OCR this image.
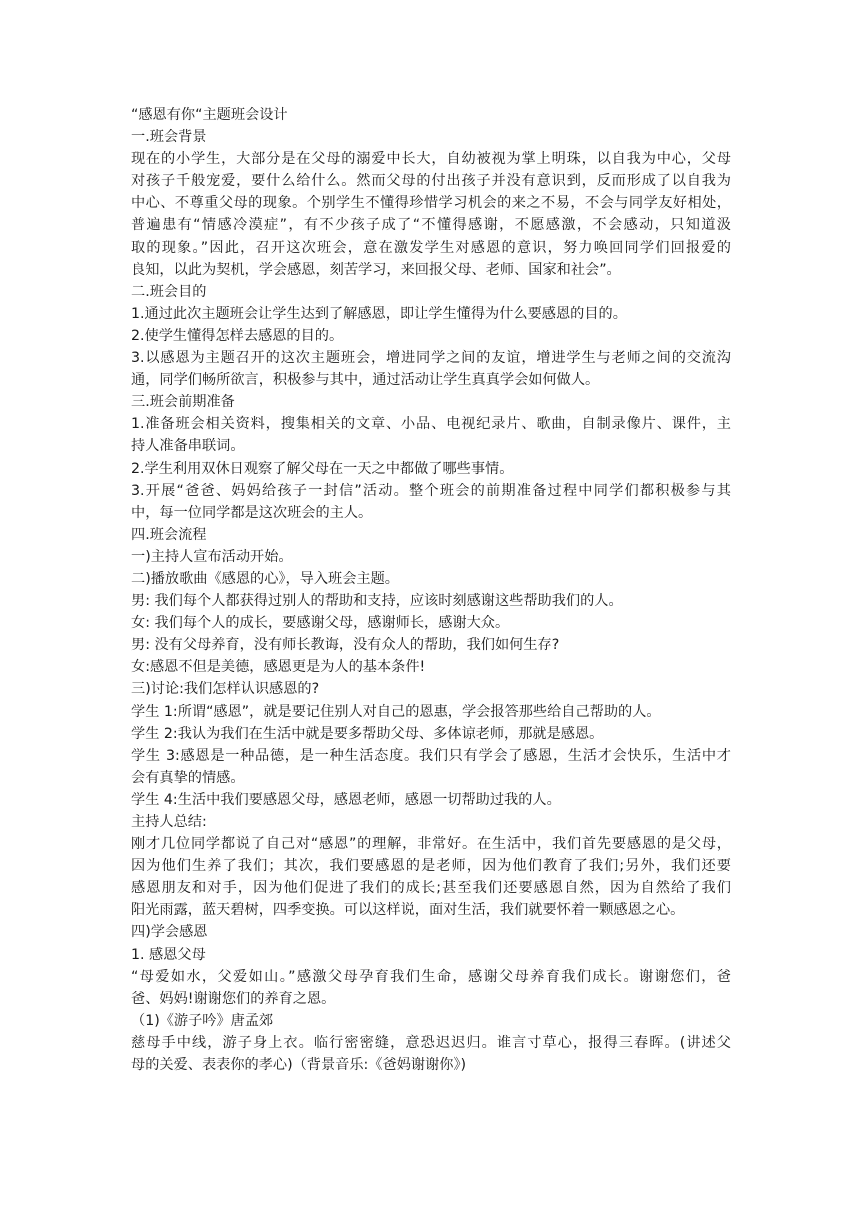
“感恩有你“主题班会设计
一.班会背景
现在的小学生，大部分是在父母的溺爱中长大，自幼被视为掌上明珠，以自我为中心，父母
对孩子千般宠爱，要什么给什么。然而父母的付出孩子并没有意识到，反而形成了以自我为
中心、不尊重父母的现象。个别学生不懂得珍惜学习机会的来之不易，不会与同学友好相处，
普遍患有“情感冷漠症”，有不少孩子成了“不懂得感谢，不愿感激，不会感动，只知道汲
取的现象。”因此，召开这次班会，意在激发学生对感恩的意识，努力唤回同学们回报爱的
良知，以此为契机，学会感恩，刻苦学习，来回报父母、老师、国家和社会”。
二.班会目的
1.通过此次主题班会让学生达到了解感恩，即让学生懂得为什么要感恩的目的。
2.使学生懂得怎样去感恩的目的。
3.以感恩为主题召开的这次主题班会，增进同学之间的友谊，增进学生与老师之间的交流沟
通，同学们畅所欲言，积极参与其中，通过活动让学生真真学会如何做人。
三.班会前期准备
1.准备班会相关资料，搜集相关的文章、小品、电视纪录片、歌曲，自制录像片、课件，主
持人准备串联词。
2.学生利用双休日观察了解父母在一天之中都做了哪些事情。
3.开展“爸爸、妈妈给孩子一封信”活动。整个班会的前期准备过程中同学们都积极参与其
中，每一位同学都是这次班会的主人。
四.班会流程
一)主持人宣布活动开始。
二)播放歌曲《感恩的心》，导入班会主题。
男: 我们每个人都获得过别人的帮助和支持，应该时刻感谢这些帮助我们的人。
女: 我们每个人的成长，要感谢父母，感谢师长，感谢大众。
男: 没有父母养育，没有师长教诲，没有众人的帮助，我们如何生存?
女:感恩不但是美德，感恩更是为人的基本条件!
三)讨论:我们怎样认识感恩的?
学生 1:所谓“感恩”，就是要记住别人对自己的恩惠，学会报答那些给自己帮助的人。
学生 2:我认为我们在生活中就是要多帮助父母、多体谅老师，那就是感恩。
学生 3:感恩是一种品德，是一种生活态度。我们只有学会了感恩，生活才会快乐，生活中才
会有真挚的情感。
学生 4:生活中我们要感恩父母，感恩老师，感恩一切帮助过我的人。
主持人总结:
刚才几位同学都说了自己对“感恩”的理解，非常好。在生活中，我们首先要感恩的是父母，
因为他们生养了我们；其次，我们要感恩的是老师，因为他们教育了我们;另外，我们还要
感恩朋友和对手，因为他们促进了我们的成长;甚至我们还要感恩自然，因为自然给了我们
阳光雨露，蓝天碧树，四季变换。可以这样说，面对生活，我们就要怀着一颗感恩之心。
四)学会感恩
1. 感恩父母
“母爱如水，父爱如山。”感激父母孕育我们生命，感谢父母养育我们成长。谢谢您们，爸
爸、妈妈!谢谢您们的养育之恩。
（1)《游子吟》唐孟郊
慈母手中线，游子身上衣。临行密密缝，意恐迟迟归。谁言寸草心，报得三春晖。(讲述父
母的关爱、表表你的孝心)（背景音乐:《爸妈谢谢你》)
